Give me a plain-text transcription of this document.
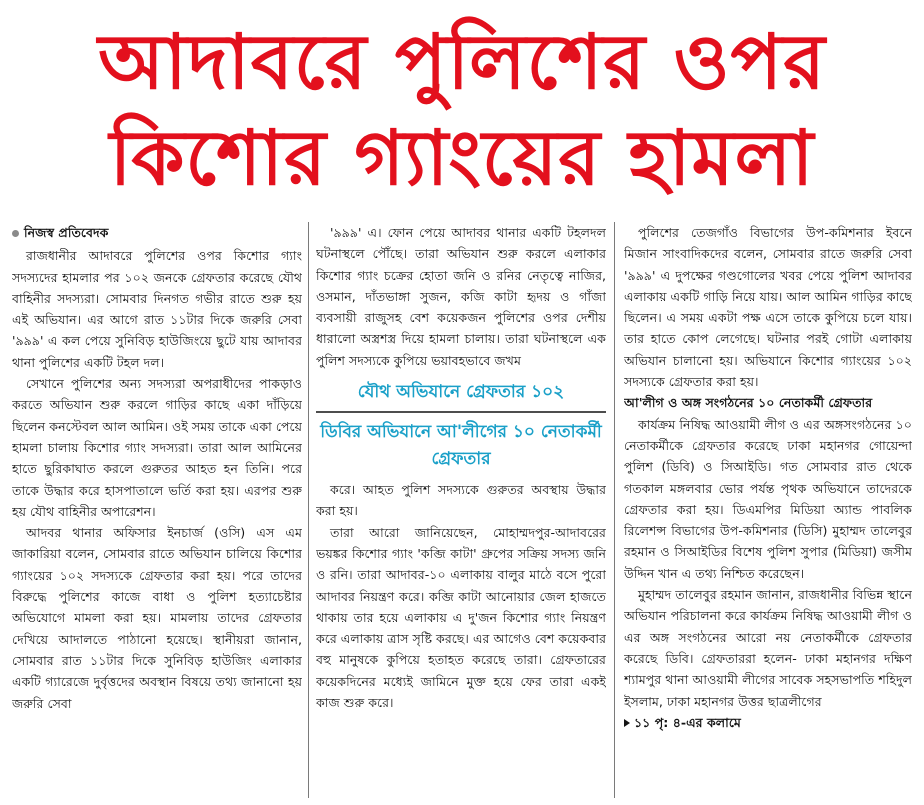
আদাবরে পুলিশের ওপর
কিশোর গ্যাংয়ের হামলা
নিজস্ব প্রতিবেদক

রাজধানীর আদাবরে পুলিশের ওপর কিশোর গ্যাং সদস্যদের হামলার পর ১০২ জনকে গ্রেফতার করেছে যৌথ বাহিনীর সদস্যরা। সোমবার দিনগত গভীর রাতে শুরু হয় এই অভিযান। এর আগে রাত ১১টার দিকে জরুরি সেবা '৯৯৯' এ কল পেয়ে সুনিবিড় হাউজিংয়ে ছুটে যায় আদাবর থানা পুলিশের একটি টহল দল।

সেখানে পুলিশের অন্য সদস্যরা অপরাধীদের পাকড়াও করতে অভিযান শুরু করলে গাড়ির কাছে একা দাঁড়িয়ে ছিলেন কনস্টেবল আল আমিন। ওই সময় তাকে একা পেয়ে হামলা চালায় কিশোর গ্যাং সদস্যরা। তারা আল আমিনের হাতে ছুরিকাঘাত করলে গুরুতর আহত হন তিনি। পরে তাকে উদ্ধার করে হাসপাতালে ভর্তি করা হয়। এরপর শুরু হয় যৌথ বাহিনীর অপারেশন।

আদবর থানার অফিসার ইনচার্জ (ওসি) এস এম জাকারিয়া বলেন, সোমবার রাতে অভিযান চালিয়ে কিশোর গ্যাংয়ের ১০২ সদস্যকে গ্রেফতার করা হয়। পরে তাদের বিরুদ্ধে পুলিশের কাজে বাধা ও পুলিশ হত্যাচেষ্টার অভিযোগে মামলা করা হয়। মামলায় তাদের গ্রেফতার দেখিয়ে আদালতে পাঠানো হয়েছে। স্থানীয়রা জানান, সোমবার রাত ১১টার দিকে সুনিবিড় হাউজিং এলাকার একটি গ্যারেজে দুর্বৃত্তদের অবস্থান বিষয়ে তথ্য জানানো হয় জরুরি সেবা

'৯৯৯' এ। ফোন পেয়ে আদাবর থানার একটি টহলদল ঘটনাস্থলে পৌঁছে। তারা অভিযান শুরু করলে এলাকার কিশোর গ্যাং চক্রের হোতা জনি ও রনির নেতৃত্বে নাজির, ওসমান, দাঁতভাঙ্গা সুজন, কজি কাটা হৃদয় ও গাঁজা ব্যবসায়ী রাজুসহ বেশ কয়েকজন পুলিশের ওপর দেশীয় ধারালো অস্ত্রশস্ত্র দিয়ে হামলা চালায়। তারা ঘটনাস্থলে এক পুলিশ সদস্যকে কুপিয়ে ভয়াবহভাবে জখম

যৌথ অভিযানে গ্রেফতার ১০২

ডিবির অভিযানে আ'লীগের ১০ নেতাকর্মী গ্রেফতার

করে। আহত পুলিশ সদস্যকে গুরুতর অবস্থায় উদ্ধার করা হয়।

তারা আরো জানিয়েছেন, মোহাম্মদপুর-আদাবরের ভয়ঙ্কর কিশোর গ্যাং 'কব্জি কাটা' গ্রুপের সক্রিয় সদস্য জনি ও রনি। তারা আদাবর-১০ এলাকায় বালুর মাঠে বসে পুরো আদাবর নিয়ন্ত্রণ করে। কব্জি কাটা আনোয়ার জেল হাজতে থাকায় তার হয়ে এলাকায় এ দু'জন কিশোর গ্যাং নিয়ন্ত্রণ করে এলাকায় ত্রাস সৃষ্টি করছে। এর আগেও বেশ কয়েকবার বহু মানুষকে কুপিয়ে হতাহত করেছে তারা। গ্রেফতারের কয়েকদিনের মধ্যেই জামিনে মুক্ত হয়ে ফের তারা একই কাজ শুরু করে।

পুলিশের তেজগাঁও বিভাগের উপ-কমিশনার ইবনে মিজান সাংবাদিকদের বলেন, সোমবার রাতে জরুরি সেবা '৯৯৯' এ দুপক্ষের গণ্ডগোলের খবর পেয়ে পুলিশ আদাবর এলাকায় একটি গাড়ি নিয়ে যায়। আল আমিন গাড়ির কাছে ছিলেন। এ সময় একটা পক্ষ এসে তাকে কুপিয়ে চলে যায়। তার হাতে কোপ লেগেছে। ঘটনার পরই গোটা এলাকায় অভিযান চালানো হয়। অভিযানে কিশোর গ্যাংয়ের ১০২ সদস্যকে গ্রেফতার করা হয়।

আ'লীগ ও অঙ্গ সংগঠনের ১০ নেতাকর্মী গ্রেফতার

কার্যক্রম নিষিদ্ধ আওয়ামী লীগ ও এর অঙ্গসংগঠনের ১০ নেতাকর্মীকে গ্রেফতার করেছে ঢাকা মহানগর গোয়েন্দা পুলিশ (ডিবি) ও সিআইডি। গত সোমবার রাত থেকে গতকাল মঙ্গলবার ভোর পর্যন্ত পৃথক অভিযানে তাদেরকে গ্রেফতার করা হয়। ডিএমপির মিডিয়া অ্যান্ড পাবলিক রিলেশন্স বিভাগের উপ-কমিশনার (ডিসি) মুহাম্মদ তালেবুর রহমান ও সিআইডির বিশেষ পুলিশ সুপার (মিডিয়া) জসীম উদ্দিন খান এ তথ্য নিশ্চিত করেছেন।

মুহাম্মদ তালেবুর রহমান জানান, রাজধানীর বিভিন্ন স্থানে অভিযান পরিচালনা করে কার্যক্রম নিষিদ্ধ আওয়ামী লীগ ও এর অঙ্গ সংগঠনের আরো নয় নেতাকর্মীকে গ্রেফতার করেছে ডিবি। গ্রেফতাররা হলেন- ঢাকা মহানগর দক্ষিণ শ্যামপুর থানা আওয়ামী লীগের সাবেক সহসভাপতি শহিদুল ইসলাম, ঢাকা মহানগর উত্তর ছাত্রলীগের

১১ পৃ: ৪-এর কলামে
